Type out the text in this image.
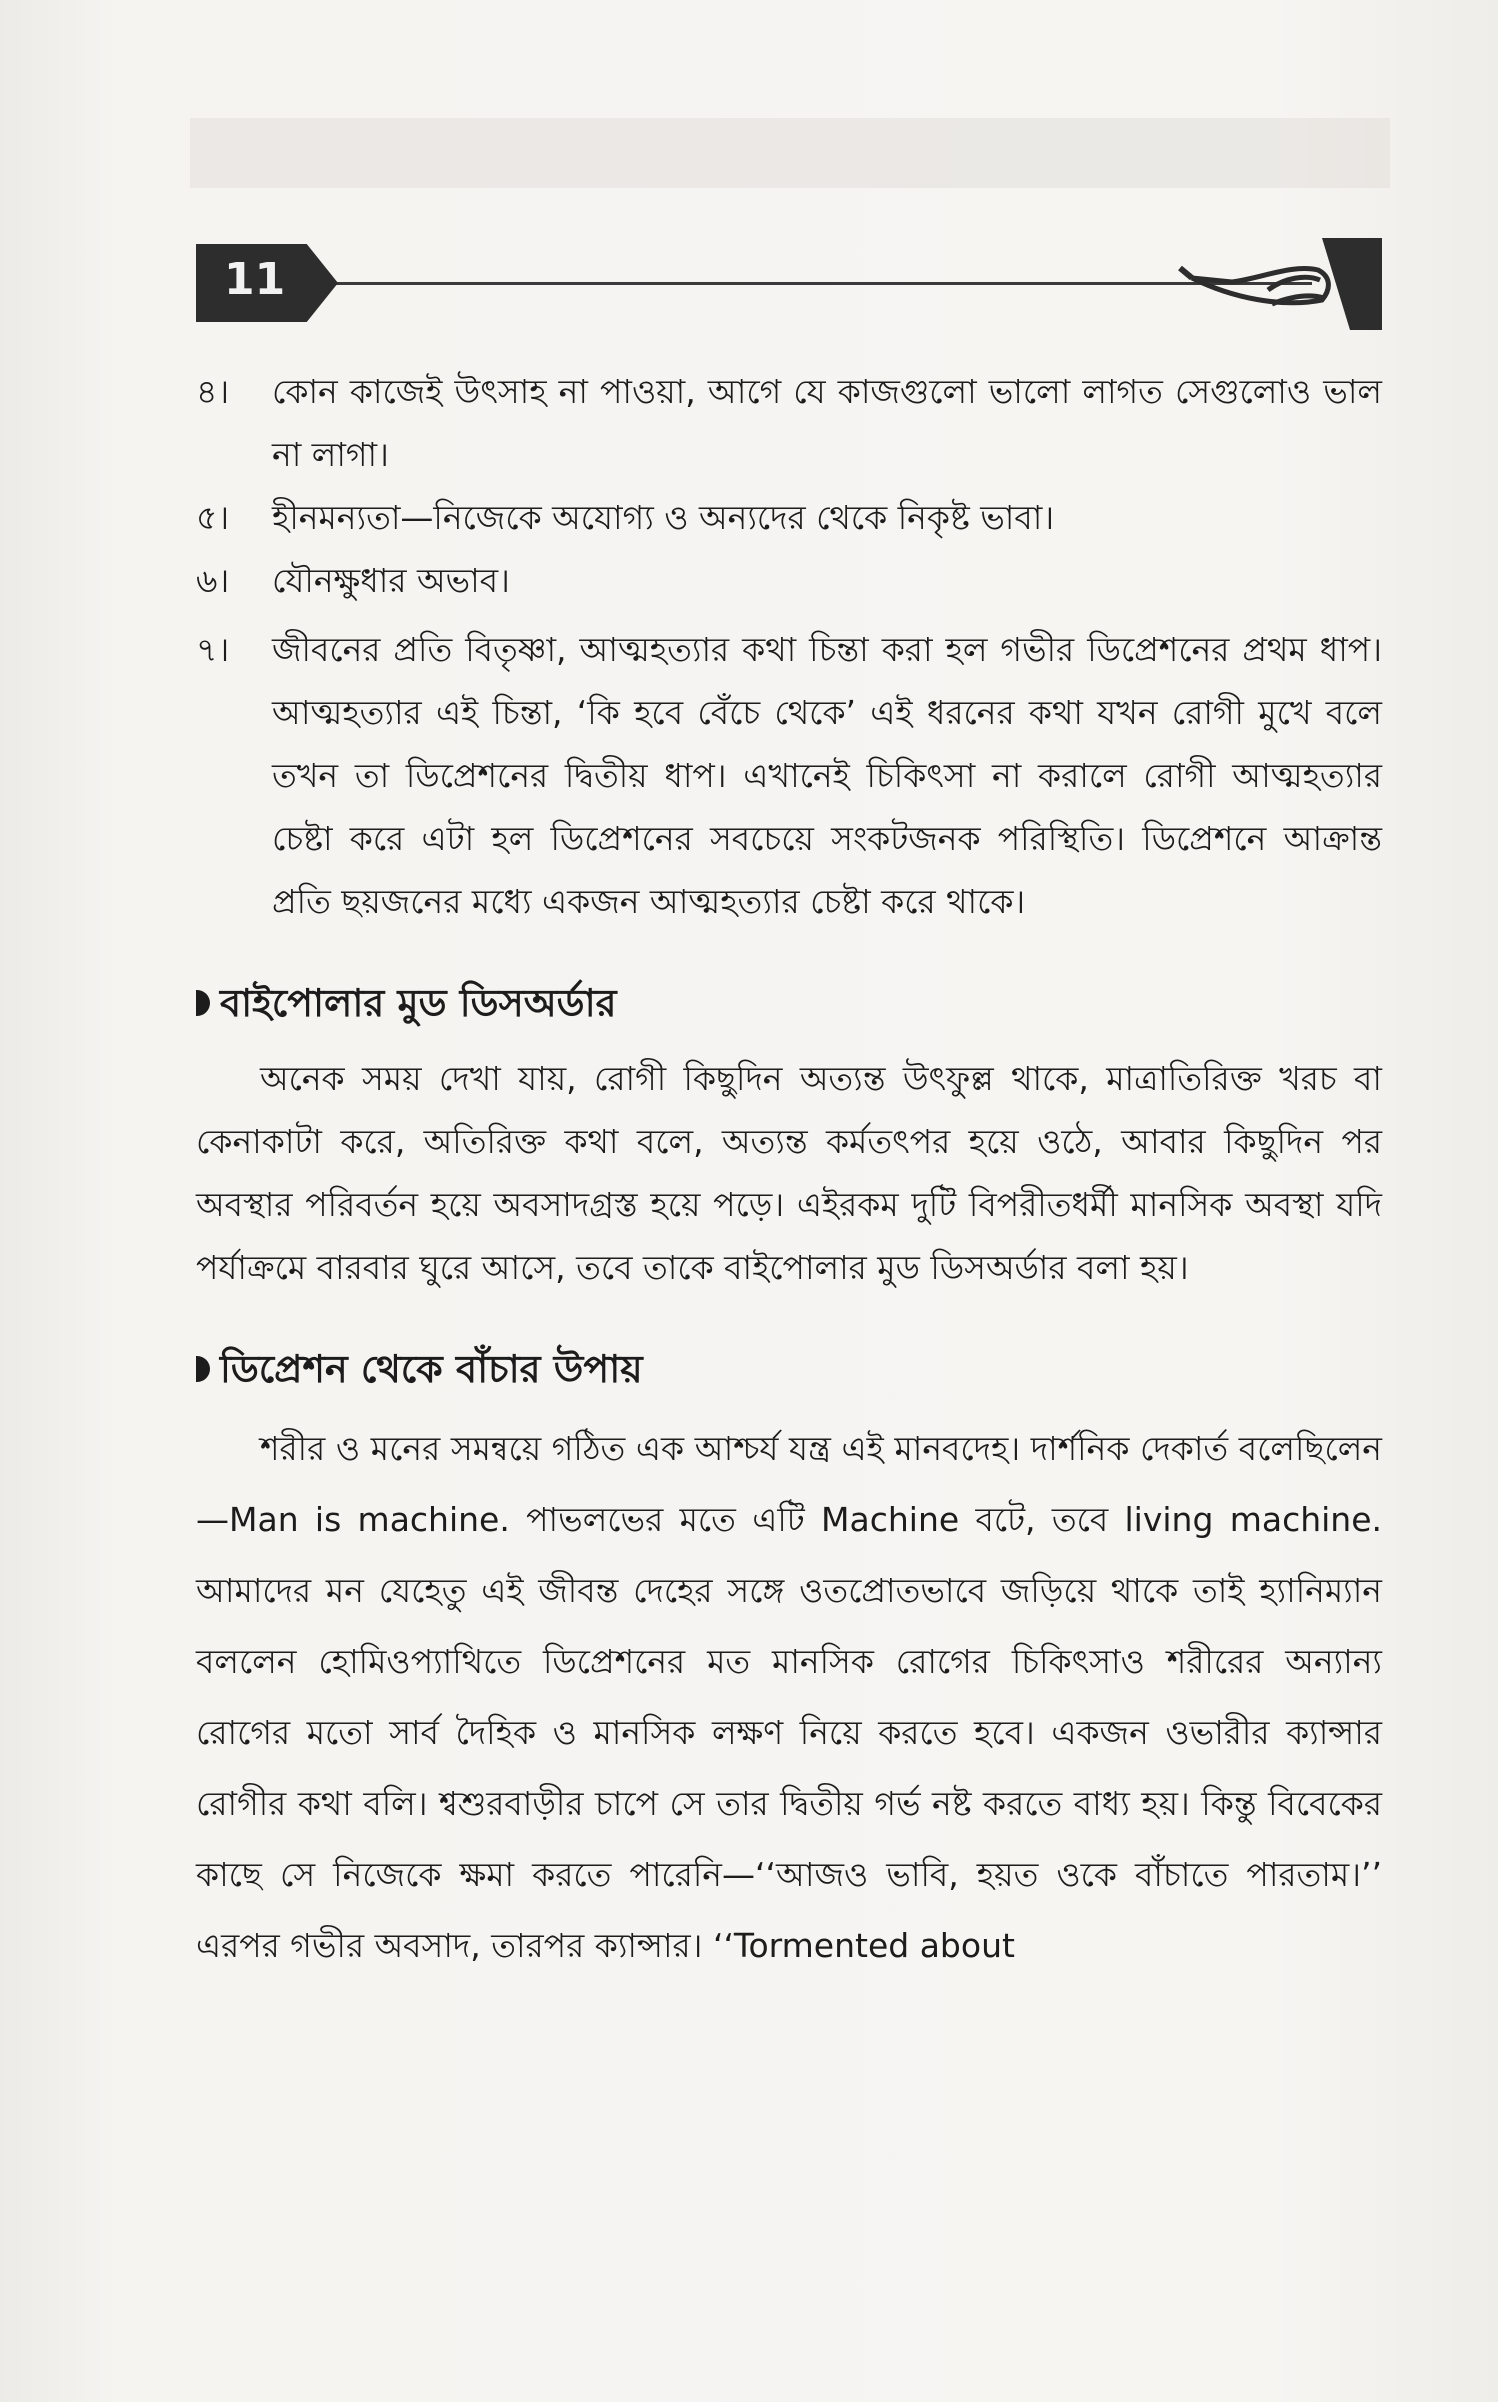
11
৪।	কোন কাজেই উৎসাহ না পাওয়া, আগে যে কাজগুলো ভালো লাগত সেগুলোও ভাল না লাগা।
৫।	হীনমন্যতা—নিজেকে অযোগ্য ও অন্যদের থেকে নিকৃষ্ট ভাবা।
৬।	যৌনক্ষুধার অভাব।
৭।	জীবনের প্রতি বিতৃষ্ণা, আত্মহত্যার কথা চিন্তা করা হল গভীর ডিপ্রেশনের প্রথম ধাপ। আত্মহত্যার এই চিন্তা, ‘কি হবে বেঁচে থেকে’ এই ধরনের কথা যখন রোগী মুখে বলে তখন তা ডিপ্রেশনের দ্বিতীয় ধাপ। এখানেই চিকিৎসা না করালে রোগী আত্মহত্যার চেষ্টা করে এটা হল ডিপ্রেশনের সবচেয়ে সংকটজনক পরিস্থিতি। ডিপ্রেশনে আক্রান্ত প্রতি ছয়জনের মধ্যে একজন আত্মহত্যার চেষ্টা করে থাকে।
বাইপোলার মুড ডিসঅর্ডার
অনেক সময় দেখা যায়, রোগী কিছুদিন অত্যন্ত উৎফুল্ল থাকে, মাত্রাতিরিক্ত খরচ বা কেনাকাটা করে, অতিরিক্ত কথা বলে, অত্যন্ত কর্মতৎপর হয়ে ওঠে, আবার কিছুদিন পর অবস্থার পরিবর্তন হয়ে অবসাদগ্রস্ত হয়ে পড়ে। এইরকম দুটি বিপরীতধর্মী মানসিক অবস্থা যদি পর্যাক্রমে বারবার ঘুরে আসে, তবে তাকে বাইপোলার মুড ডিসঅর্ডার বলা হয়।
ডিপ্রেশন থেকে বাঁচার উপায়
শরীর ও মনের সমন্বয়ে গঠিত এক আশ্চর্য যন্ত্র এই মানবদেহ। দার্শনিক দেকার্ত বলেছিলেন—Man is machine. পাভলভের মতে এটি Machine বটে, তবে living machine. আমাদের মন যেহেতু এই জীবন্ত দেহের সঙ্গে ওতপ্রোতভাবে জড়িয়ে থাকে তাই হ্যানিম্যান বললেন হোমিওপ্যাথিতে ডিপ্রেশনের মত মানসিক রোগের চিকিৎসাও শরীরের অন্যান্য রোগের মতো সার্ব দৈহিক ও মানসিক লক্ষণ নিয়ে করতে হবে। একজন ওভারীর ক্যান্সার রোগীর কথা বলি। শ্বশুরবাড়ীর চাপে সে তার দ্বিতীয় গর্ভ নষ্ট করতে বাধ্য হয়। কিন্তু বিবেকের কাছে সে নিজেকে ক্ষমা করতে পারেনি—‘‘আজও ভাবি, হয়ত ওকে বাঁচাতে পারতাম।’’ এরপর গভীর অবসাদ, তারপর ক্যান্সার। ‘‘Tormented about
